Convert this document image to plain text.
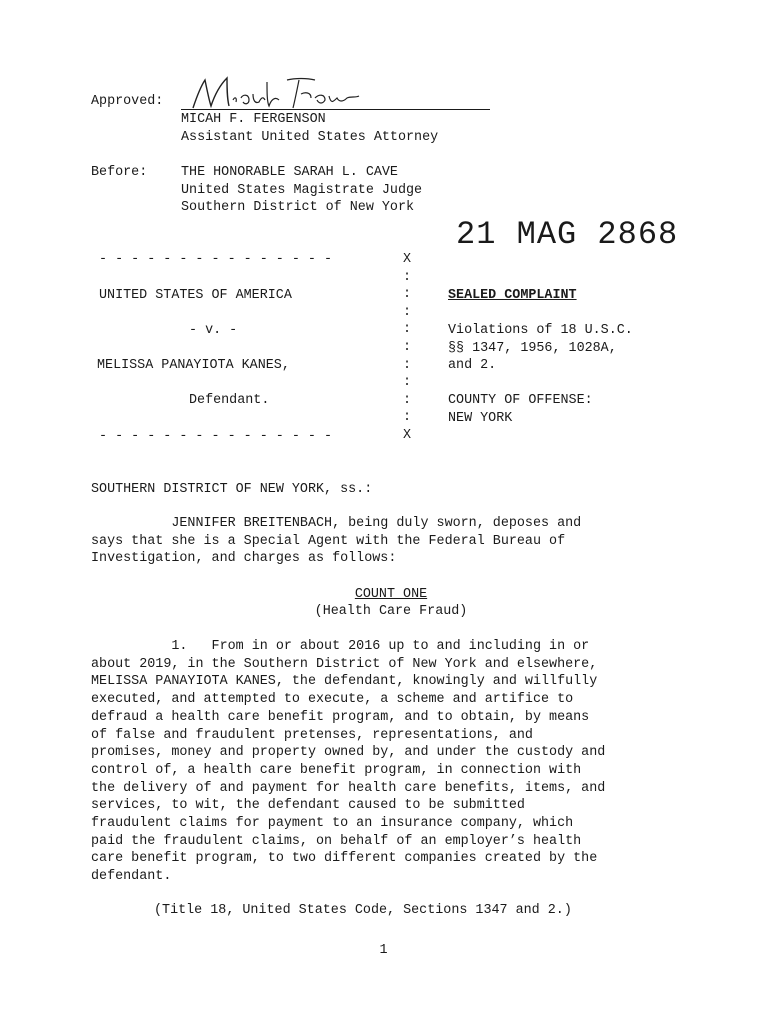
Approved:
MICAH F. FERGENSON
Assistant United States Attorney
Before:	THE HONORABLE SARAH L. CAVE
United States Magistrate Judge
Southern District of New York
21 MAG 2868
- - - - - - - - - - - - - - -
UNITED STATES OF AMERICA
- v. -
MELISSA PANAYIOTA KANES,
Defendant.
- - - - - - - - - - - - - - -
X
:
:
:
:
:
:
:
:
:
X
SEALED COMPLAINT
Violations of 18 U.S.C.
§§ 1347, 1956, 1028A,
and 2.
COUNTY OF OFFENSE:
NEW YORK
SOUTHERN DISTRICT OF NEW YORK, ss.:
JENNIFER BREITENBACH, being duly sworn, deposes and
says that she is a Special Agent with the Federal Bureau of
Investigation, and charges as follows:
COUNT ONE
(Health Care Fraud)
1.   From in or about 2016 up to and including in or
about 2019, in the Southern District of New York and elsewhere,
MELISSA PANAYIOTA KANES, the defendant, knowingly and willfully
executed, and attempted to execute, a scheme and artifice to
defraud a health care benefit program, and to obtain, by means
of false and fraudulent pretenses, representations, and
promises, money and property owned by, and under the custody and
control of, a health care benefit program, in connection with
the delivery of and payment for health care benefits, items, and
services, to wit, the defendant caused to be submitted
fraudulent claims for payment to an insurance company, which
paid the fraudulent claims, on behalf of an employer’s health
care benefit program, to two different companies created by the
defendant.
(Title 18, United States Code, Sections 1347 and 2.)
1
